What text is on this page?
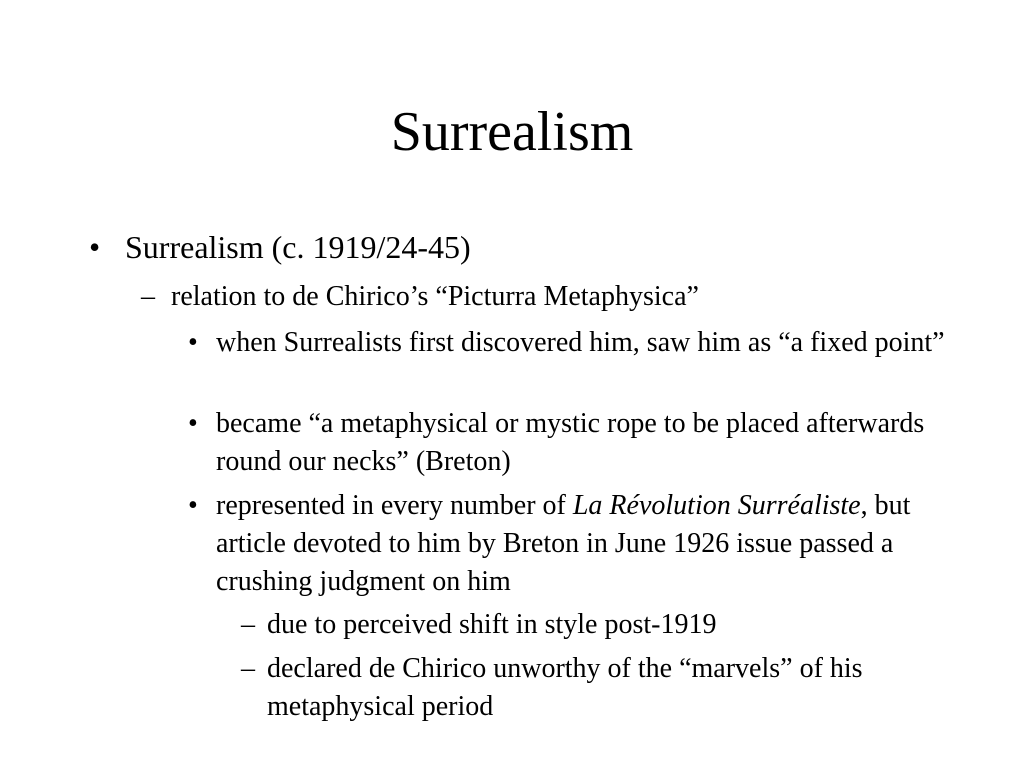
Surrealism
• Surrealism (c. 1919/24-45)
– relation to de Chirico’s “Picturra Metaphysica”
• when Surrealists first discovered him, saw him as “a fixed point”
• became “a metaphysical or mystic rope to be placed afterwards round our necks” (Breton)
• represented in every number of La Révolution Surréaliste, but article devoted to him by Breton in June 1926 issue passed a crushing judgment on him
– due to perceived shift in style post-1919
– declared de Chirico unworthy of the “marvels” of his metaphysical period
